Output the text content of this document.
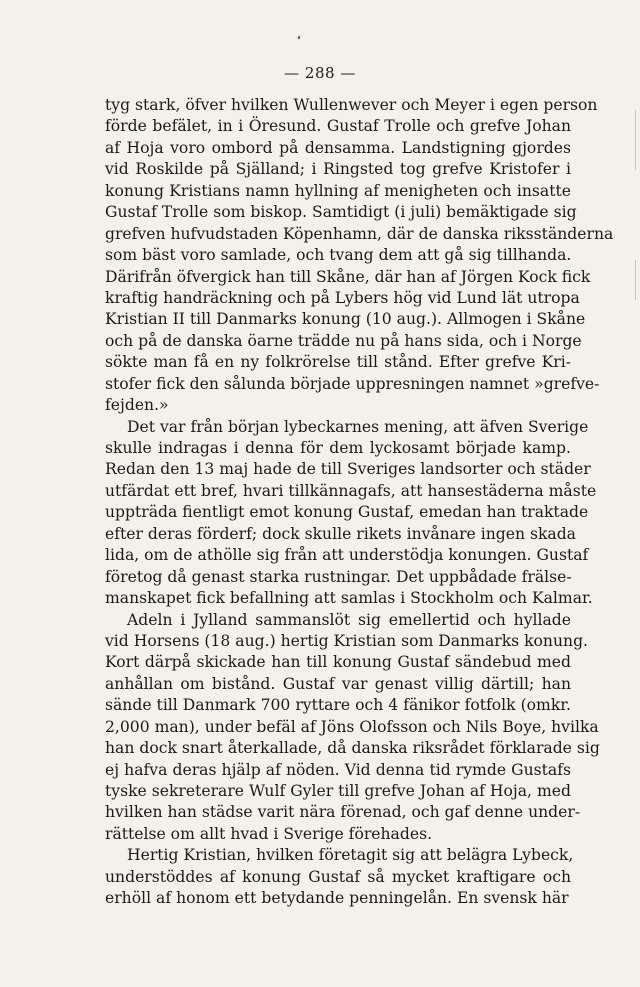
— 288 —
tyg stark, öfver hvilken Wullenwever och Meyer i egen person
förde befälet, in i Öresund. Gustaf Trolle och grefve Johan
af Hoja voro ombord på densamma. Landstigning gjordes
vid Roskilde på Själland; i Ringsted tog grefve Kristofer i
konung Kristians namn hyllning af menigheten och insatte
Gustaf Trolle som biskop. Samtidigt (i juli) bemäktigade sig
grefven hufvudstaden Köpenhamn, där de danska riksständerna
som bäst voro samlade, och tvang dem att gå sig tillhanda.
Därifrån öfvergick han till Skåne, där han af Jörgen Kock fick
kraftig handräckning och på Lybers hög vid Lund lät utropa
Kristian II till Danmarks konung (10 aug.). Allmogen i Skåne
och på de danska öarne trädde nu på hans sida, och i Norge
sökte man få en ny folkrörelse till stånd. Efter grefve Kri-
stofer fick den sålunda började uppresningen namnet »grefve-
fejden.»
Det var från början lybeckarnes mening, att äfven Sverige
skulle indragas i denna för dem lyckosamt började kamp.
Redan den 13 maj hade de till Sveriges landsorter och städer
utfärdat ett bref, hvari tillkännagafs, att hansestäderna måste
uppträda fientligt emot konung Gustaf, emedan han traktade
efter deras förderf; dock skulle rikets invånare ingen skada
lida, om de athölle sig från att understödja konungen. Gustaf
företog då genast starka rustningar. Det uppbådade frälse-
manskapet fick befallning att samlas i Stockholm och Kalmar.
Adeln i Jylland sammanslöt sig emellertid och hyllade
vid Horsens (18 aug.) hertig Kristian som Danmarks konung.
Kort därpå skickade han till konung Gustaf sändebud med
anhållan om bistånd. Gustaf var genast villig därtill; han
sände till Danmark 700 ryttare och 4 fänikor fotfolk (omkr.
2,000 man), under befäl af Jöns Olofsson och Nils Boye, hvilka
han dock snart återkallade, då danska riksrådet förklarade sig
ej hafva deras hjälp af nöden. Vid denna tid rymde Gustafs
tyske sekreterare Wulf Gyler till grefve Johan af Hoja, med
hvilken han städse varit nära förenad, och gaf denne under-
rättelse om allt hvad i Sverige förehades.
Hertig Kristian, hvilken företagit sig att belägra Lybeck,
understöddes af konung Gustaf så mycket kraftigare och
erhöll af honom ett betydande penningelån. En svensk här
